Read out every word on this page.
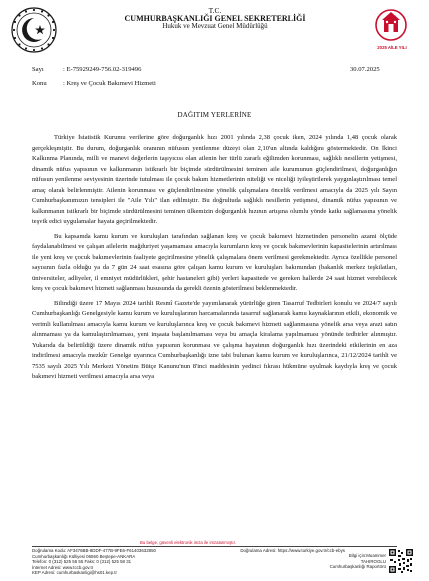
T.C.
CUMHURBAŞKANLIĞI GENEL SEKRETERLİĞİ
Hukuk ve Mevzuat Genel Müdürlüğü
2025 AİLE YILI
Sayı	: E-75929249-756.02-319496	30.07.2025
Konu : Kreş ve Çocuk Bakımevi Hizmeti
DAĞITIM YERLERİNE

Türkiye İstatistik Kurumu verilerine göre doğurganlık hızı 2001 yılında 2,38 çocuk iken, 2024 yılında 1,48 çocuk olarak gerçekleşmiştir. Bu durum, doğurganlık oranının nüfusun yenilenme düzeyi olan 2,10'un altında kaldığını göstermektedir. On İkinci Kalkınma Planında, milli ve manevi değerlerin taşıyıcısı olan ailenin her türlü zararlı eğilimden korunması, sağlıklı nesillerin yetişmesi, dinamik nüfus yapısının ve kalkınmanın istikrarlı bir biçimde sürdürülmesini teminen aile kurumunun güçlendirilmesi, doğurganlığın nüfusun yenilenme seviyesinin üzerinde tutulması ile çocuk bakım hizmetlerinin niteliği ve niceliği iyileştirilerek yaygınlaştırılması temel amaç olarak belirlenmiştir. Ailenin korunması ve güçlendirilmesine yönelik çalışmalara öncelik verilmesi amacıyla da 2025 yılı Sayın Cumhurbaşkanımızın tensipleri ile "Aile Yılı" ilan edilmiştir. Bu doğrultuda sağlıklı nesillerin yetişmesi, dinamik nüfus yapısının ve kalkınmanın istikrarlı bir biçimde sürdürülmesini teminen ülkemizin doğurganlık hızının artışına olumlu yönde katkı sağlamasına yönelik teşvik edici uygulamalar hayata geçirilmektedir.

Bu kapsamda kamu kurum ve kuruluşları tarafından sağlanan kreş ve çocuk bakımevi hizmetinden personelin azami ölçüde faydalanabilmesi ve çalışan ailelerin mağduriyet yaşamaması amacıyla kurumların kreş ve çocuk bakımevlerinin kapasitelerinin artırılması ile yeni kreş ve çocuk bakımevlerinin faaliyete geçirilmesine yönelik çalışmalara önem verilmesi gerekmektedir. Ayrıca özellikle personel sayısının fazla olduğu ya da 7 gün 24 saat esasına göre çalışan kamu kurum ve kuruluşları bakımından (bakanlık merkez teşkilatları, üniversiteler, adliyeler, il emniyet müdürlükleri, şehir hastaneleri gibi) yerleri kapasitede ve gereken hallerde 24 saat hizmet verebilecek kreş ve çocuk bakımevi hizmeti sağlanması hususunda da gerekli özenin gösterilmesi beklenmektedir.

Bilindiği üzere 17 Mayıs 2024 tarihli Resmî Gazete'de yayımlanarak yürürlüğe giren Tasarruf Tedbirleri konulu ve 2024/7 sayılı Cumhurbaşkanlığı Genelgesiyle kamu kurum ve kuruluşlarının harcamalarında tasarruf sağlanarak kamu kaynaklarının etkili, ekonomik ve verimli kullanılması amacıyla kamu kurum ve kuruluşlarınca kreş ve çocuk bakımevi hizmeti sağlanmasına yönelik arsa veya arazi satın alınmaması ya da kamulaştırılmaması, yeni inşaata başlanılmaması veya bu amaçla kiralama yapılmaması yönünde tedbirler alınmıştır. Yukarıda da belirtildiği üzere dinamik nüfus yapısının korunması ve çalışma hayatının doğurganlık hızı üzerindeki etkilerinin en aza indirilmesi amacıyla mezkûr Genelge uyarınca Cumhurbaşkanlığı izne tabi bulunan kamu kurum ve kuruluşlarınca, 21/12/2024 tarihli ve 7535 sayılı 2025 Yılı Merkezi Yönetim Bütçe Kanunu'nun 8'inci maddesinin yedinci fıkrası hükmüne uyulmak kaydıyla kreş ve çocuk bakımevi hizmeti verilmesi amacıyla arsa veya

Bu belge, güvenli elektronik imza ile imzalanmıştır.
Doğrulama Kodu: AF3476BB-8DDF-477B-9FE6-F61403632850
Cumhurbaşkanlığı Külliyesi 06560 Beştepe-ANKARA
Telefon: 0 (312) 525 55 55 Faks: 0 (312) 525 58 31
İnternet Adresi: www.tccb.gov.tr
KEP Adresi: cumhurbaskanligi@hs01.kep.tr
Doğrulama Adresi: https://www.turkiye.gov.tr/ccb-ebys
Bilgi için:Muammer
TAHIROGLU
Cumhurbaşkanlığı Raportörü
